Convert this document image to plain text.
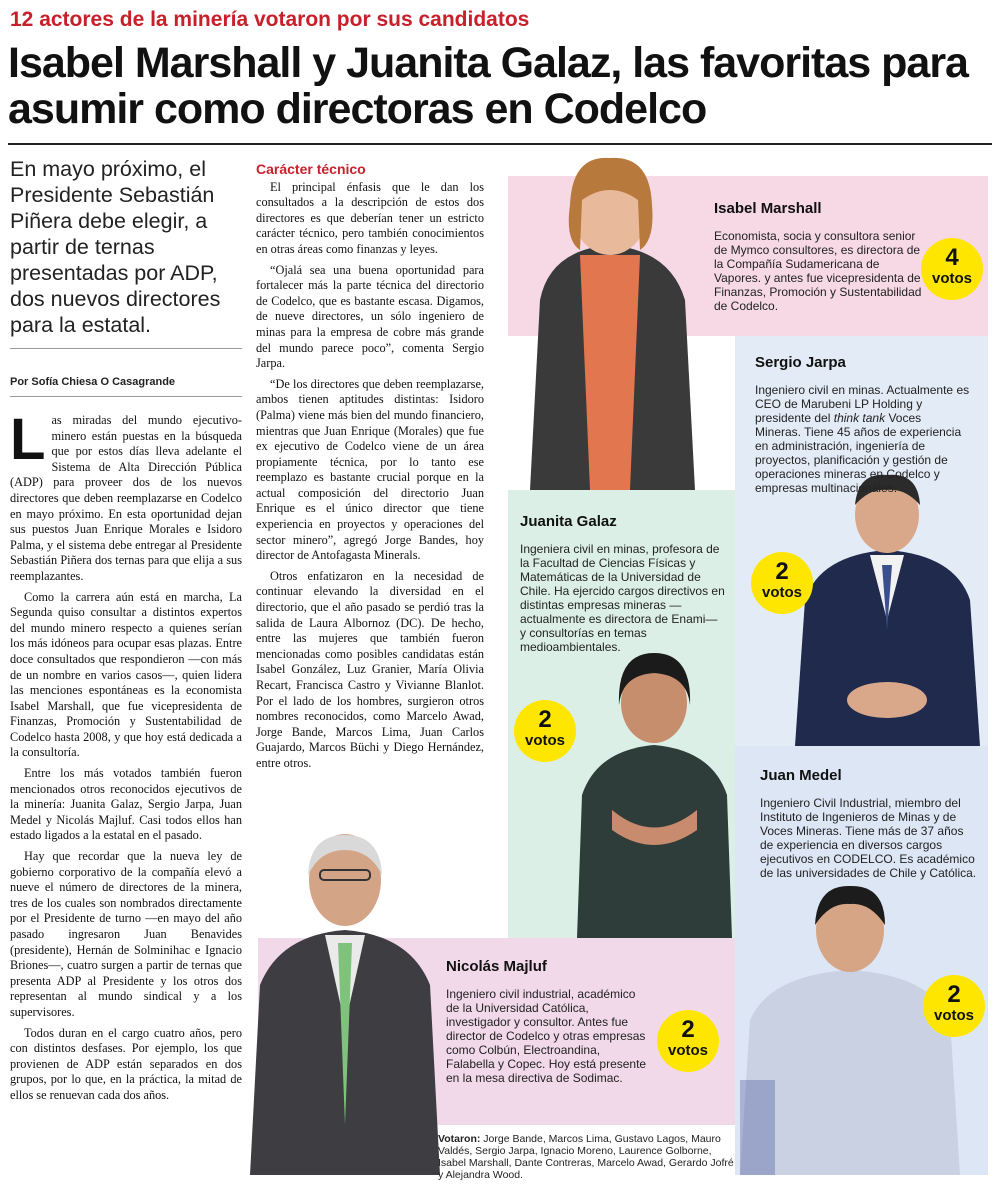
12 actores de la minería votaron por sus candidatos
Isabel Marshall y Juanita Galaz, las favoritas para asumir como directoras en Codelco
En mayo próximo, el Presidente Sebastián Piñera debe elegir, a partir de ternas presentadas por ADP, dos nuevos directores para la estatal.
Por Sofía Chiesa O Casagrande

Las miradas del mundo ejecutivo-minero están puestas en la búsqueda que por estos días lleva adelante el Sistema de Alta Dirección Pública (ADP) para proveer dos de los nuevos directores que deben reemplazarse en Codelco en mayo próximo. En esta oportunidad dejan sus puestos Juan Enrique Morales e Isidoro Palma, y el sistema debe entregar al Presidente Sebastián Piñera dos ternas para que elija a sus reemplazantes.

Como la carrera aún está en marcha, La Segunda quiso consultar a distintos expertos del mundo minero respecto a quienes serían los más idóneos para ocupar esas plazas. Entre doce consultados que respondieron —con más de un nombre en varios casos—, quien lidera las menciones espontáneas es la economista Isabel Marshall, que fue vicepresidenta de Finanzas, Promoción y Sustentabilidad de Codelco hasta 2008, y que hoy está dedicada a la consultoría.

Entre los más votados también fueron mencionados otros reconocidos ejecutivos de la minería: Juanita Galaz, Sergio Jarpa, Juan Medel y Nicolás Majluf. Casi todos ellos han estado ligados a la estatal en el pasado.

Hay que recordar que la nueva ley de gobierno corporativo de la compañía elevó a nueve el número de directores de la minera, tres de los cuales son nombrados directamente por el Presidente de turno —en mayo del año pasado ingresaron Juan Benavides (presidente), Hernán de Solminihac e Ignacio Briones—, cuatro surgen a partir de ternas que presenta ADP al Presidente y los otros dos representan al mundo sindical y a los supervisores.

Todos duran en el cargo cuatro años, pero con distintos desfases. Por ejemplo, los que provienen de ADP están separados en dos grupos, por lo que, en la práctica, la mitad de ellos se renuevan cada dos años.

Carácter técnico

El principal énfasis que le dan los consultados a la descripción de estos dos directores es que deberían tener un estricto carácter técnico, pero también conocimientos en otras áreas como finanzas y leyes.

“Ojalá sea una buena oportunidad para fortalecer más la parte técnica del directorio de Codelco, que es bastante escasa. Digamos, de nueve directores, un sólo ingeniero de minas para la empresa de cobre más grande del mundo parece poco”, comenta Sergio Jarpa.

“De los directores que deben reemplazarse, ambos tienen aptitudes distintas: Isidoro (Palma) viene más bien del mundo financiero, mientras que Juan Enrique (Morales) que fue ex ejecutivo de Codelco viene de un área propiamente técnica, por lo tanto ese reemplazo es bastante crucial porque en la actual composición del directorio Juan Enrique es el único director que tiene experiencia en proyectos y operaciones del sector minero”, agregó Jorge Bandes, hoy director de Antofagasta Minerals.

Otros enfatizaron en la necesidad de continuar elevando la diversidad en el directorio, que el año pasado se perdió tras la salida de Laura Albornoz (DC). De hecho, entre las mujeres que también fueron mencionadas como posibles candidatas están Isabel González, Luz Granier, María Olivia Recart, Francisca Castro y Vivianne Blanlot. Por el lado de los hombres, surgieron otros nombres reconocidos, como Marcelo Awad, Jorge Bande, Marcos Lima, Juan Carlos Guajardo, Marcos Büchi y Diego Hernández, entre otros.

Isabel Marshall
Economista, socia y consultora senior de Mymco consultores, es directora de la Compañía Sudamericana de Vapores. y antes fue vicepresidenta de Finanzas, Promoción y Sustentabilidad de Codelco.
4
votos
Sergio Jarpa
Ingeniero civil en minas. Actualmente es CEO de Marubeni LP Holding y presidente del think tank Voces Mineras. Tiene 45 años de experiencia en administración, ingeniería de proyectos, planificación y gestión de operaciones mineras en Codelco y empresas multinacionales.
2
votos
Juanita Galaz
Ingeniera civil en minas, profesora de la Facultad de Ciencias Físicas y Matemáticas de la Universidad de Chile. Ha ejercido cargos directivos en distintas empresas mineras —actualmente es directora de Enami— y consultorías en temas medioambientales.
2
votos
Juan Medel
Ingeniero Civil Industrial, miembro del Instituto de Ingenieros de Minas y de Voces Mineras. Tiene más de 37 años de experiencia en diversos cargos ejecutivos en CODELCO. Es académico de las universidades de Chile y Católica.
2
votos
Nicolás Majluf
Ingeniero civil industrial, académico de la Universidad Católica, investigador y consultor. Antes fue director de Codelco y otras empresas como Colbún, Electroandina, Falabella y Copec. Hoy está presente en la mesa directiva de Sodimac.
2
votos
Votaron: Jorge Bande, Marcos Lima, Gustavo Lagos, Mauro Valdés, Sergio Jarpa, Ignacio Moreno, Laurence Golborne, Isabel Marshall, Dante Contreras, Marcelo Awad, Gerardo Jofré y Alejandra Wood.
